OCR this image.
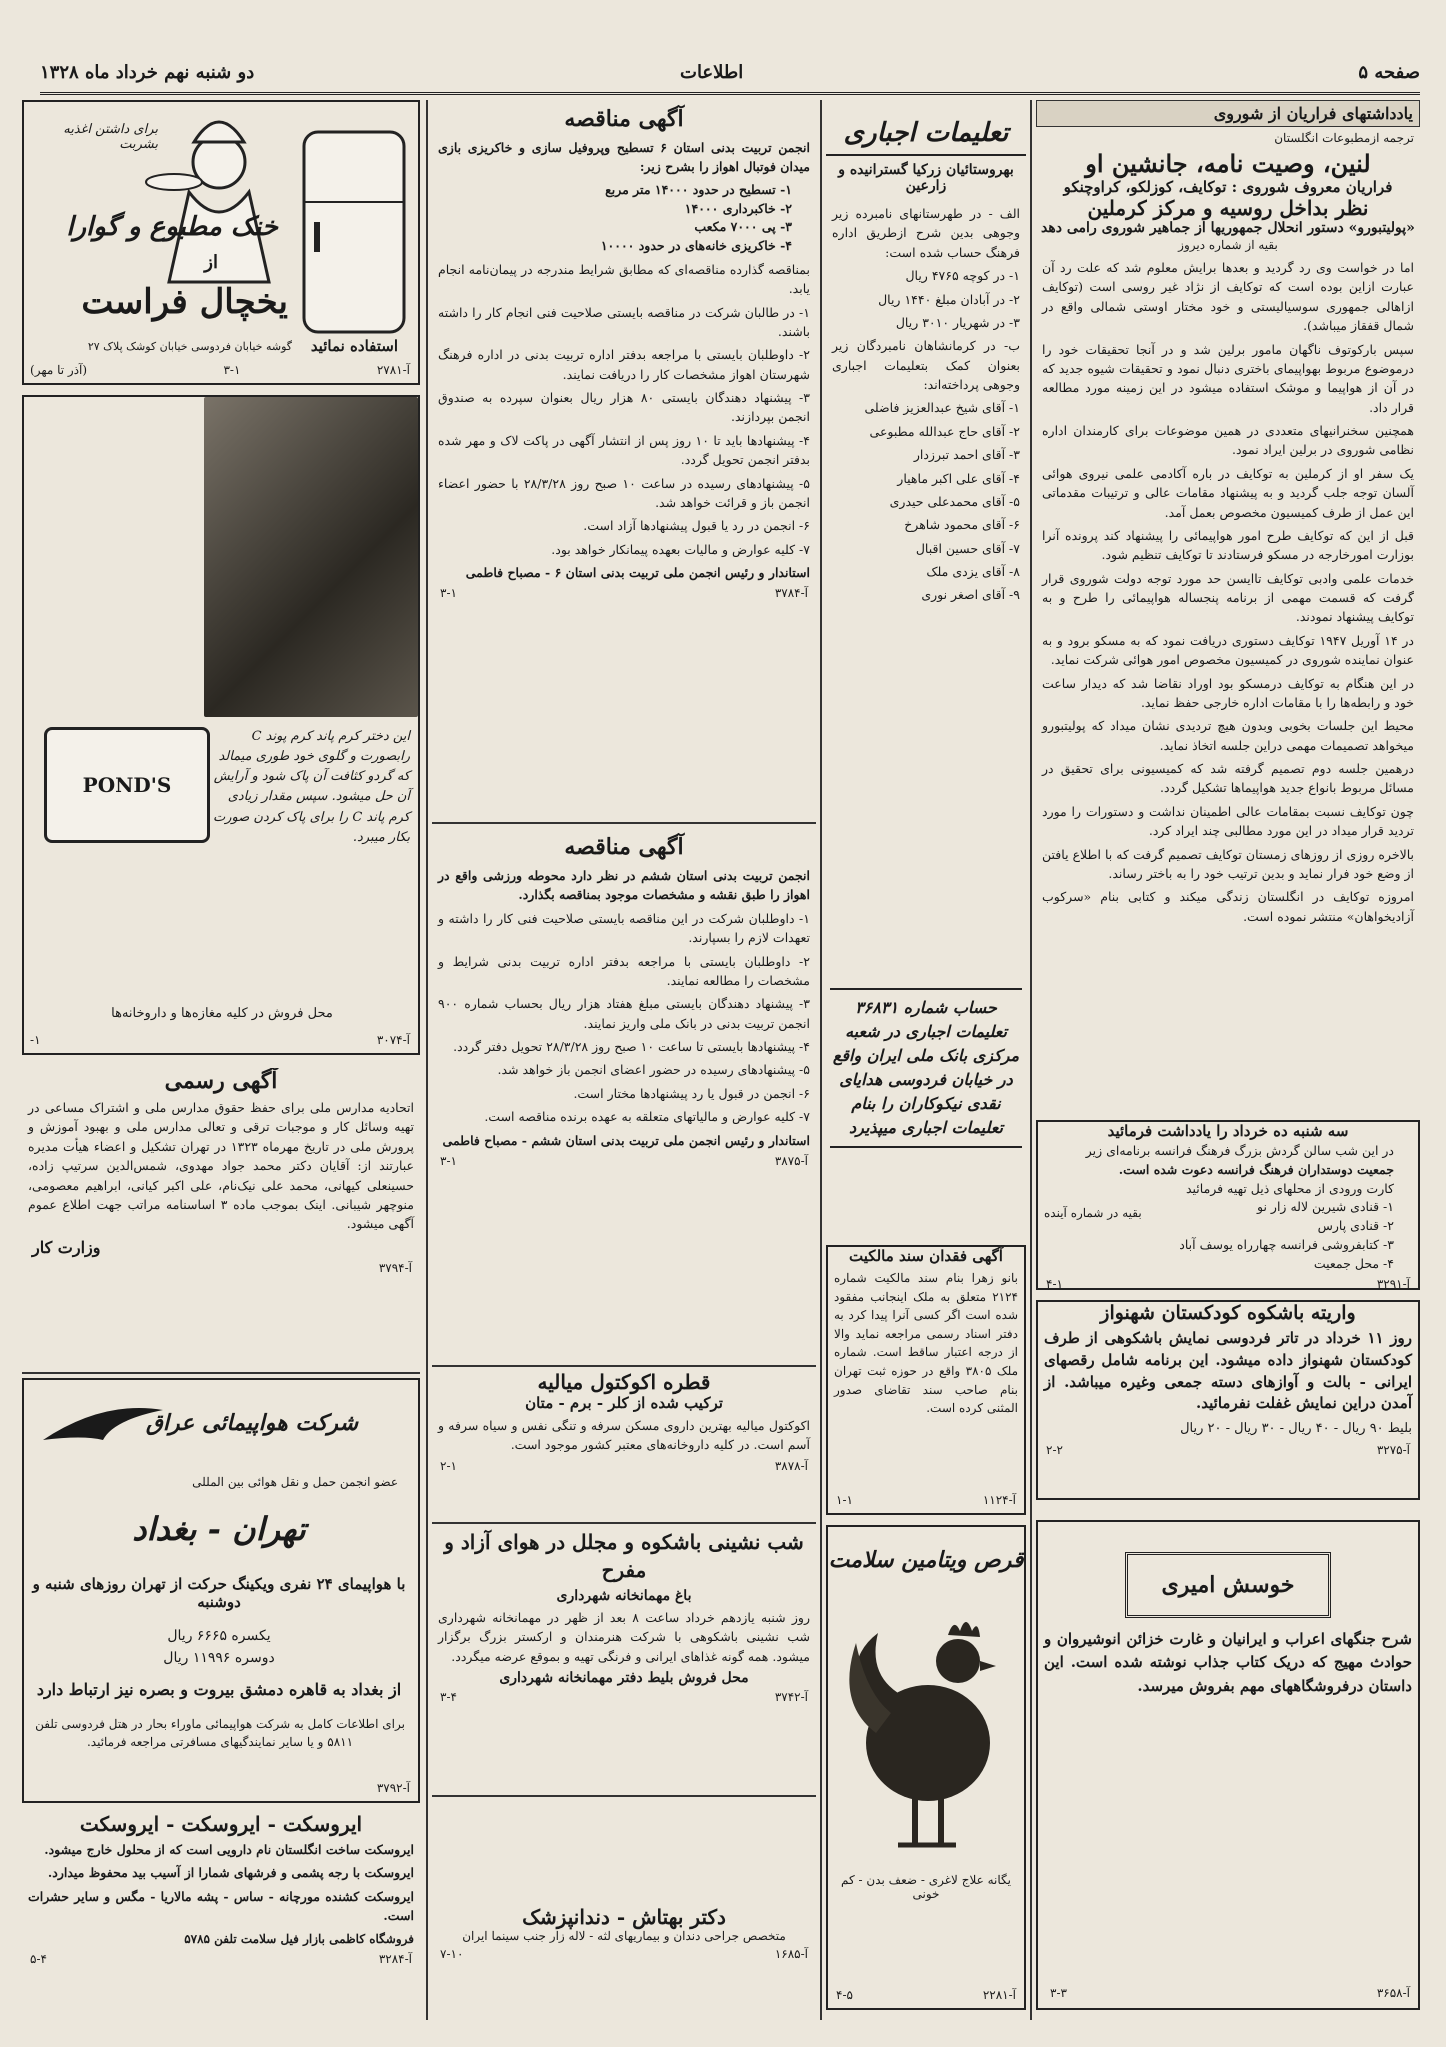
صفحه ۵
اطلاعات
دو شنبه نهم خرداد ماه ۱۳۲۸
یادداشتهای فراریان از شوروی
ترجمه ازمطبوعات انگلستان
لنین، وصیت نامه، جانشین او
فراریان معروف شوروی : توکایف، کوزلکو، کراوچنکو
نظر بداخل روسیه و مرکز کرملین
«پولیتبورو» دستور انحلال جمهوریها از جماهیر شوروی رامی دهد
بقیه از شماره دیروز

اما در خواست وی رد گردید و بعدها برایش معلوم شد که علت رد آن عبارت ازاین بوده است که توکایف از نژاد غیر روسی است (توکایف ازاهالی جمهوری سوسیالیستی و خود مختار اوستی شمالی واقع در شمال قفقاز میباشد).

سپس بارکوتوف ناگهان مامور برلین شد و در آنجا تحقیقات خود را درموضوع مربوط بهواپیمای باختری دنبال نمود و تحقیقات شیوه جدید که در آن از هواپیما و موشک استفاده میشود در این زمینه مورد مطالعه قرار داد.

همچنین سخنرانیهای متعددی در همین موضوعات برای کارمندان اداره نظامی شوروی در برلین ایراد نمود.

یک سفر او از کرملین به توکایف در باره آکادمی علمی نیروی هوائی آلسان توجه جلب گردید و به پیشنهاد مقامات عالی و ترتیبات مقدماتی این عمل از طرف کمیسیون مخصوص بعمل آمد.

قبل از این که توکایف طرح امور هواپیمائی را پیشنهاد کند پرونده آنرا بوزارت امورخارجه در مسکو فرستادند تا توکایف تنظیم شود.

خدمات علمی وادبی توکایف تاایسن حد مورد توجه دولت شوروی قرار گرفت که قسمت مهمی از برنامه پنجساله هواپیمائی را طرح و به توکایف پیشنهاد نمودند.

در ۱۴ آوریل ۱۹۴۷ توکایف دستوری دریافت نمود که به مسکو برود و به عنوان نماینده شوروی در کمیسیون مخصوص امور هوائی شرکت نماید.

در این هنگام به توکایف درمسکو بود اوراد نقاضا شد که دیدار ساعت خود و رابطه‌ها را با مقامات اداره خارجی حفظ نماید.

محیط این جلسات بخوبی وبدون هیچ تردیدی نشان میداد که پولیتبورو میخواهد تصمیمات مهمی دراین جلسه اتخاذ نماید.

درهمین جلسه دوم تصمیم گرفته شد که کمیسیونی برای تحقیق در مسائل مربوط بانواع جدید هواپیماها تشکیل گردد.

چون توکایف نسبت بمقامات عالی اطمینان نداشت و دستورات را مورد تردید قرار میداد در این مورد مطالبی چند ایراد کرد.

بالاخره روزی از روزهای زمستان توکایف تصمیم گرفت که با اطلاع یافتن از وضع خود فرار نماید و بدین ترتیب خود را به باختر رساند.

امروزه توکایف در انگلستان زندگی میکند و کتابی بنام «سرکوب آزادیخواهان» منتشر نموده است.

بقیه در شماره آینده
سه شنبه ده خرداد را یادداشت فرمائید
در این شب سالن گردش بزرگ فرهنگ فرانسه برنامه‌ای زیر
جمعیت دوستداران فرهنگ فرانسه دعوت شده است.
کارت ورودی از محلهای ذیل تهیه فرمائید
۱- قنادی شیرین لاله زار نو
۲- قنادی پارس
۳- کتابفروشی فرانسه چهارراه یوسف آباد
۴- محل جمعیت
آ-۳۲۹۱
۴-۱
واریته باشکوه کودکستان شهنواز

روز ۱۱ خرداد در تاتر فردوسی نمایش باشکوهی از طرف کودکستان شهنواز داده میشود. این برنامه شامل رقصهای ایرانی - بالت و آوازهای دسته جمعی وغیره میباشد. از آمدن دراین نمایش غفلت نفرمائید.

بلیط ۹۰ ریال - ۴۰ ریال - ۳۰ ریال - ۲۰ ریال

آ-۳۲۷۵
۲-۲
خوسش امیری

شرح جنگهای اعراب و ایرانیان و غارت خزائن انوشیروان و حوادث مهیج که دریک کتاب جذاب نوشته شده است. این داستان درفروشگاههای مهم بفروش میرسد.

آ-۳۶۵۸
۳-۳
تعلیمات اجباری
بهروستائیان زرکیا گسترانیده و زارعین

الف - در طهرستانهای نامبرده زیر وجوهی بدین شرح ازطریق اداره فرهنگ حساب شده است:

۱- در کوچه ۴۷۶۵ ریال

۲- در آبادان مبلغ ۱۴۴۰ ریال

۳- در شهریار ۳۰۱۰ ریال

ب- در کرمانشاهان نامبردگان زیر بعنوان کمک بتعلیمات اجباری وجوهی پرداخته‌اند:

۱- آقای شیخ عبدالعزیز فاضلی

۲- آقای حاج عبدالله مطبوعی

۳- آقای احمد تبرزدار

۴- آقای علی اکبر ماهیار

۵- آقای محمدعلی حیدری

۶- آقای محمود شاهرخ

۷- آقای حسین اقبال

۸- آقای یزدی ملک

۹- آقای اصغر نوری

حساب شماره ۳۶۸۳۱ تعلیمات اجباری در شعبه مرکزی بانک ملی ایران واقع در خیابان فردوسی هدایای نقدی نیکوکاران را بنام تعلیمات اجباری میپذیرد
آگهی فقدان سند مالکیت

بانو زهرا بنام سند مالکیت شماره ۲۱۲۴ متعلق به ملک اینجانب مفقود شده است اگر کسی آنرا پیدا کرد به دفتر اسناد رسمی مراجعه نماید والا از درجه اعتبار ساقط است. شماره ملک ۳۸۰۵ واقع در حوزه ثبت تهران بنام صاحب سند تقاضای صدور المثنی کرده است.

آ-۱۱۲۴
۱-۱
قرص ویتامین سلامت
یگانه علاج لاغری - ضعف بدن - کم خونی
آ-۲۲۸۱
۴-۵
آگهی مناقصه

انجمن تربیت بدنی استان ۶ تسطیح وپروفیل سازی و خاکریزی بازی میدان فوتبال اهواز را بشرح زیر:

۱- تسطیح در حدود ۱۴۰۰۰ متر مربع
۲- خاکبرداری ۱۴۰۰۰
۳- پی ۷۰۰۰ مکعب
۴- خاکریزی خانه‌های در حدود ۱۰۰۰۰

بمناقصه گذارده مناقصه‌ای که مطابق شرایط مندرجه در پیمان‌نامه انجام یابد.

۱- در طالبان شرکت در مناقصه بایستی صلاحیت فنی انجام کار را داشته باشند.

۲- داوطلبان بایستی با مراجعه بدفتر اداره تربیت بدنی در اداره فرهنگ شهرستان اهواز مشخصات کار را دریافت نمایند.

۳- پیشنهاد دهندگان بایستی ۸۰ هزار ریال بعنوان سپرده به صندوق انجمن بپردازند.

۴- پیشنهادها باید تا ۱۰ روز پس از انتشار آگهی در پاکت لاک و مهر شده بدفتر انجمن تحویل گردد.

۵- پیشنهادهای رسیده در ساعت ۱۰ صبح روز ۲۸/۳/۲۸ با حضور اعضاء انجمن باز و قرائت خواهد شد.

۶- انجمن در رد یا قبول پیشنهادها آزاد است.

۷- کلیه عوارض و مالیات بعهده پیمانکار خواهد بود.

استاندار و رئیس انجمن ملی تربیت بدنی استان ۶ - مصباح فاطمی

آ-۳۷۸۴
۳-۱
آگهی مناقصه

انجمن تربیت بدنی استان ششم در نظر دارد محوطه ورزشی واقع در اهواز را طبق نقشه و مشخصات موجود بمناقصه بگذارد.

۱- داوطلبان شرکت در این مناقصه بایستی صلاحیت فنی کار را داشته و تعهدات لازم را بسپارند.

۲- داوطلبان بایستی با مراجعه بدفتر اداره تربیت بدنی شرایط و مشخصات را مطالعه نمایند.

۳- پیشنهاد دهندگان بایستی مبلغ هفتاد هزار ریال بحساب شماره ۹۰۰ انجمن تربیت بدنی در بانک ملی واریز نمایند.

۴- پیشنهادها بایستی تا ساعت ۱۰ صبح روز ۲۸/۳/۲۸ تحویل دفتر گردد.

۵- پیشنهادهای رسیده در حضور اعضای انجمن باز خواهد شد.

۶- انجمن در قبول یا رد پیشنهادها مختار است.

۷- کلیه عوارض و مالیاتهای متعلقه به عهده برنده مناقصه است.

استاندار و رئیس انجمن ملی تربیت بدنی استان ششم - مصباح فاطمی

آ-۳۸۷۵
۳-۱
قطره اکوکتول میالیه
ترکیب شده از کلر - برم - متان

اکوکتول میالیه بهترین داروی مسکن سرفه و تنگی نفس و سیاه سرفه و آسم است. در کلیه داروخانه‌های معتبر کشور موجود است.

آ-۳۸۷۸
۲-۱
شب نشینی باشکوه و مجلل در هوای آزاد و مفرح
باغ مهمانخانه شهرداری

روز شنبه یازدهم خرداد ساعت ۸ بعد از ظهر در مهمانخانه شهرداری شب نشینی باشکوهی با شرکت هنرمندان و ارکستر بزرگ برگزار میشود. همه گونه غذاهای ایرانی و فرنگی تهیه و بموقع عرضه میگردد.

محل فروش بلیط دفتر مهمانخانه شهرداری
آ-۳۷۴۲
۳-۴
دکتر بهتاش - دندانپزشک
متخصص جراحی دندان و بیماریهای لثه - لاله زار جنب سینما ایران
آ-۱۶۸۵
۷-۱۰
برای داشتن اغذیه بشربت
خنک مطبوع و گوارا
از
یخچال فراست
استفاده نمائید
گوشه خیابان فردوسی خیابان کوشک پلاک ۲۷
آ-۲۷۸۱
۳-۱
(آذر تا مهر)
POND'S
این دختر کرم پاند کرم پوند C رابصورت و گلوی خود طوری میمالد که گردو کثافت آن پاک شود و آرایش آن حل میشود. سپس مقدار زیادی کرم پاند C را برای پاک کردن صورت بکار میبرد.
محل فروش در کلیه مغازه‌ها و داروخانه‌ها
آ-۳۰۷۴
۱-
آگهی رسمی

اتحادیه مدارس ملی برای حفظ حقوق مدارس ملی و اشتراک مساعی در تهیه وسائل کار و موجبات ترقی و تعالی مدارس ملی و بهبود آموزش و پرورش ملی در تاریخ مهرماه ۱۳۲۳ در تهران تشکیل و اعضاء هیأت مدیره عبارتند از: آقایان دکتر محمد جواد مهدوی، شمس‌الدین سرتیپ زاده، حسینعلی کیهانی، محمد علی نیک‌نام، علی اکبر کیانی، ابراهیم معصومی، منوچهر شیبانی. اینک بموجب ماده ۳ اساسنامه مراتب جهت اطلاع عموم آگهی میشود.

وزارت کار
آ-۳۷۹۴
شرکت هواپیمائی عراق
عضو انجمن حمل و نقل هوائی بین المللی
تهران - بغداد
با هواپیمای ۲۴ نفری ویکینگ حرکت از تهران روزهای شنبه و دوشنبه
یکسره ۶۶۶۵ ریال
دوسره ۱۱۹۹۶ ریال
از بغداد به قاهره دمشق بیروت و بصره نیز ارتباط دارد
برای اطلاعات کامل به شرکت هواپیمائی ماوراء بحار در هتل فردوسی تلفن ۵۸۱۱ و یا سایر نمایندگیهای مسافرتی مراجعه فرمائید.
آ-۳۷۹۲
ایروسکت - ایروسکت - ایروسکت

ایروسکت ساخت انگلستان نام دارویی است که از محلول خارج میشود.

ایروسکت با رجه پشمی و فرشهای شمارا از آسیب بید محفوظ میدارد.

ایروسکت کشنده مورچانه - ساس - پشه مالاریا - مگس و سایر حشرات است.

فروشگاه کاظمی بازار فیل سلامت تلفن ۵۷۸۵

آ-۳۲۸۴
۵-۴
